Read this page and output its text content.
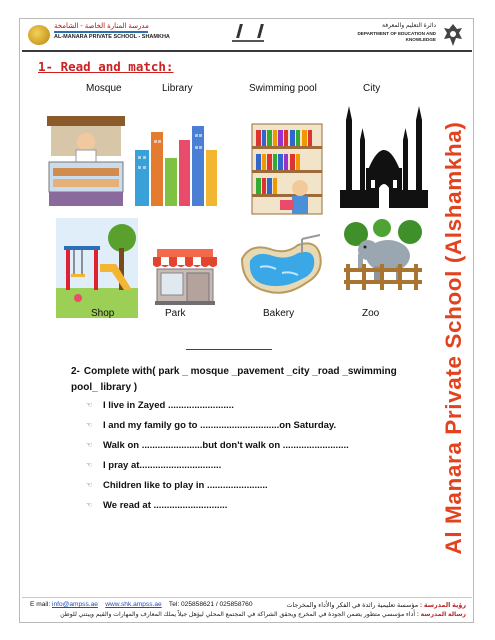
مدرسة المنارة الخاصة - الشامخة
AL-MANARA PRIVATE SCHOOL - SHAMKHA
دائرة التعليم والمعرفة
DEPARTMENT OF EDUCATION AND KNOWLEDGE
1- Read and match:
Mosque	Library	Swimming pool	City
Shop	Park	Bakery	Zoo
2- Complete with( park _ mosque _pavement _city _road _swimming pool_ library )
☜ I live in Zayed .........................
☜ I and my family go to ..............................on Saturday.
☜ Walk on .......................but don't walk on .........................
☜ I pray at...............................
☜ Children like to play in .......................
☜ We read at ............................	Al Manara Private School (Alshamkha)
E mail: info@ampss.ae www.shk.ampss.ae Tel: 025858621 / 025858760	رؤية المدرسة : مؤسسة تعليمية رائدة في الفكر والأداء والمخرجات
رسالة المدرسة : أداء مؤسسي متطور يضمن الجودة في المخرج ويحقق الشراكة في المجتمع المحلي ليؤهل جيلاً يملك المعارف والمهارات والقيم ويبتني للوطن
